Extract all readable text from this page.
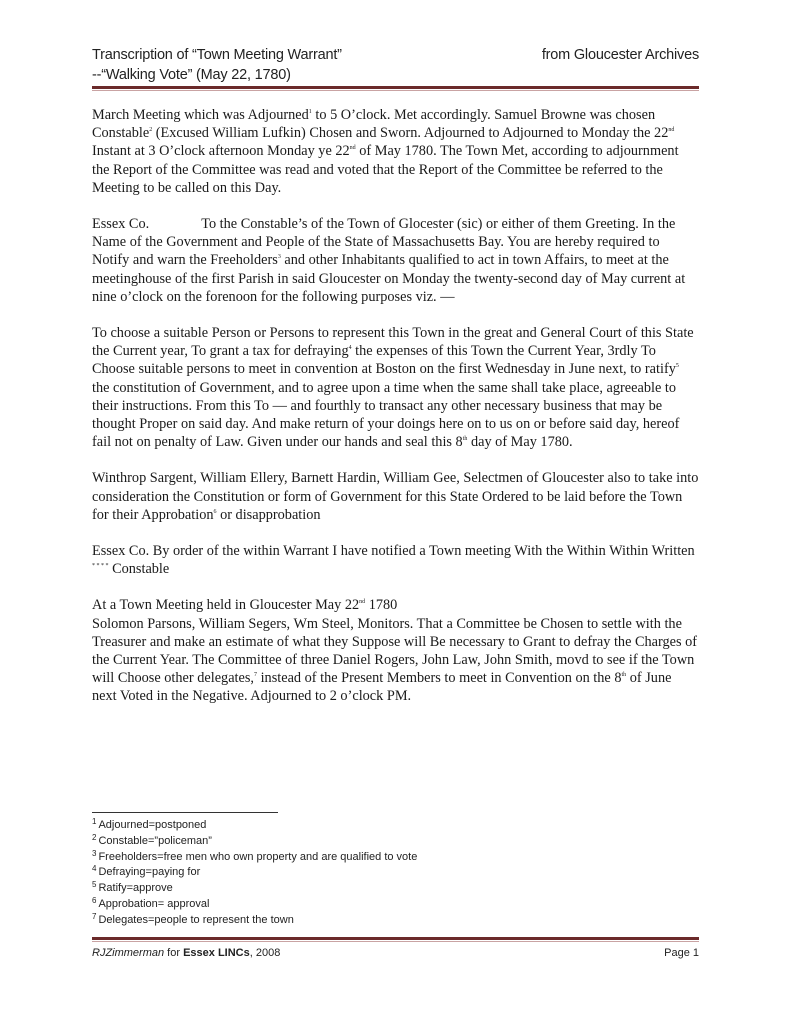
Transcription of “Town Meeting Warrant”	from Gloucester Archives
--“Walking Vote” (May 22, 1780)

March Meeting which was Adjourned$^1$ to 5 O’clock. Met accordingly. Samuel Browne was chosen Constable$^2$ (Excused William Lufkin) Chosen and Sworn. Adjourned to Adjourned to Monday the 22nd Instant at 3 O’clock afternoon Monday ye 22nd of May 1780. The Town Met, according to adjournment the Report of the Committee was read and voted that the Report of the Committee be referred to the Meeting to be called on this Day.

Essex Co.	To the Constable’s of the Town of Glocester (sic) or either of them Greeting. In the Name of the Government and People of the State of Massachusetts Bay. You are hereby required to Notify and warn the Freeholders$^3$ and other Inhabitants qualified to act in town Affairs, to meet at the meetinghouse of the first Parish in said Gloucester on Monday the twenty-second day of May current at nine o’clock on the forenoon for the following purposes viz. —

To choose a suitable Person or Persons to represent this Town in the great and General Court of this State the Current year, To grant a tax for defraying$^4$ the expenses of this Town the Current Year, 3rdly To Choose suitable persons to meet in convention at Boston on the first Wednesday in June next, to ratify$^5$ the constitution of Government, and to agree upon a time when the same shall take place, agreeable to their instructions. From this To — and fourthly to transact any other necessary business that may be thought Proper on said day. And make return of your doings here on to us on or before said day, hereof fail not on penalty of Law. Given under our hands and seal this 8th day of May 1780.

Winthrop Sargent, William Ellery, Barnett Hardin, William Gee, Selectmen of Gloucester also to take into consideration the Constitution or form of Government for this State Ordered to be laid before the Town for their Approbation$^6$ or disapprobation

Essex Co. By order of the within Warrant I have notified a Town meeting With the Within Within Written * * * * Constable

At a Town Meeting held in Gloucester May 22nd 1780
Solomon Parsons, William Segers, Wm Steel, Monitors. That a Committee be Chosen to settle with the Treasurer and make an estimate of what they Suppose will Be necessary to Grant to defray the Charges of the Current Year. The Committee of three Daniel Rogers, John Law, John Smith, movd to see if the Town will Choose other delegates,$^7$ instead of the Present Members to meet in Convention on the 8th of June next Voted in the Negative. Adjourned to 2 o’clock PM.

$^1$ Adjourned=postponed
$^2$ Constable=”policeman”
$^3$ Freeholders=free men who own property and are qualified to vote
$^4$ Defraying=paying for
$^5$ Ratify=approve
$^6$ Approbation= approval
$^7$ Delegates=people to represent the town
RJZimmerman for Essex LINCs, 2008	Page 1
